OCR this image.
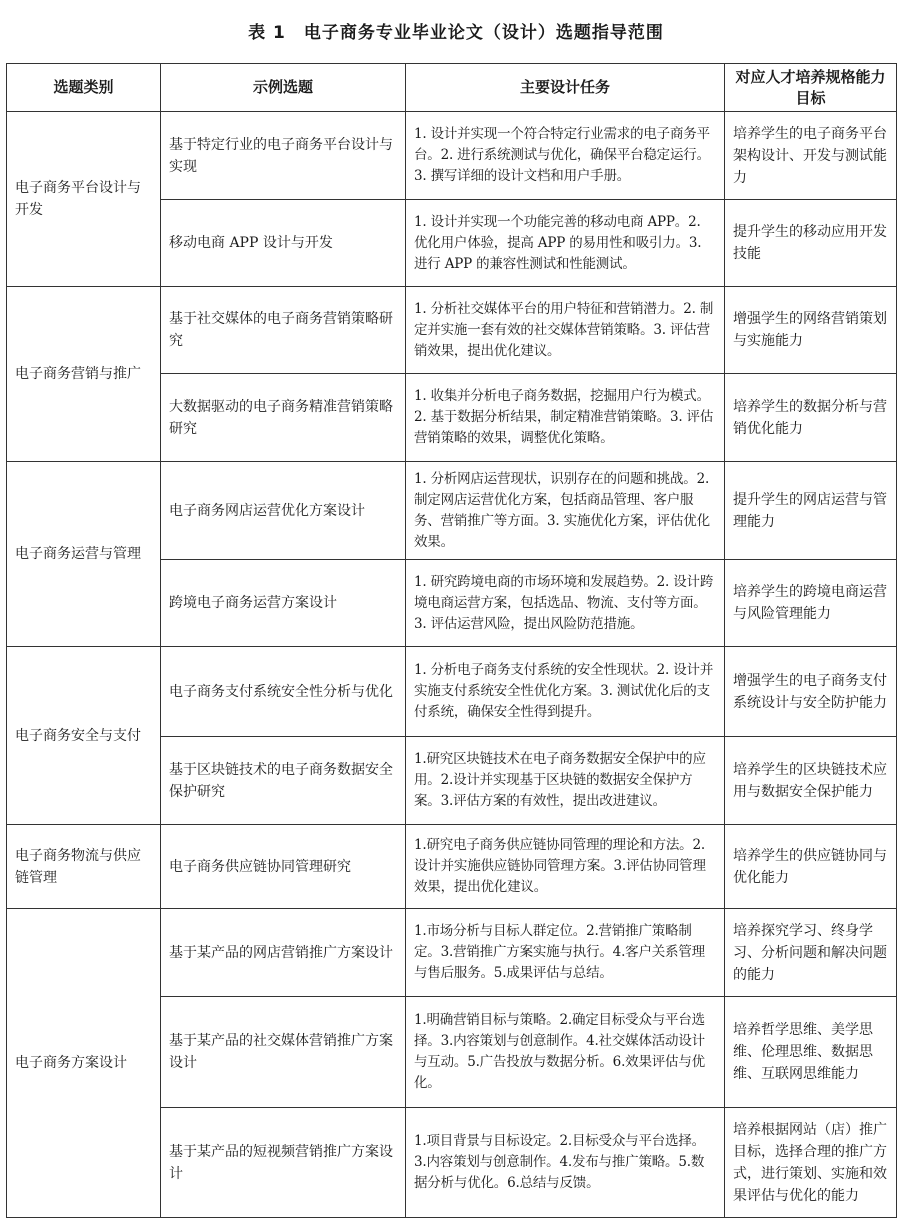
表 1　电子商务专业毕业论文（设计）选题指导范围
选题类别	示例选题	主要设计任务	对应人才培养规格能力目标
电子商务平台设计与开发	基于特定行业的电子商务平台设计与实现	1. 设计并实现一个符合特定行业需求的电子商务平台。2. 进行系统测试与优化，确保平台稳定运行。3. 撰写详细的设计文档和用户手册。	培养学生的电子商务平台架构设计、开发与测试能力
	移动电商 APP 设计与开发	1. 设计并实现一个功能完善的移动电商 APP。2. 优化用户体验，提高 APP 的易用性和吸引力。3. 进行 APP 的兼容性测试和性能测试。	提升学生的移动应用开发技能
电子商务营销与推广	基于社交媒体的电子商务营销策略研究	1. 分析社交媒体平台的用户特征和营销潜力。2. 制定并实施一套有效的社交媒体营销策略。3. 评估营销效果，提出优化建议。	增强学生的网络营销策划与实施能力
	大数据驱动的电子商务精准营销策略研究	1. 收集并分析电子商务数据，挖掘用户行为模式。2. 基于数据分析结果，制定精准营销策略。3. 评估营销策略的效果，调整优化策略。	培养学生的数据分析与营销优化能力
电子商务运营与管理	电子商务网店运营优化方案设计	1. 分析网店运营现状，识别存在的问题和挑战。2. 制定网店运营优化方案，包括商品管理、客户服务、营销推广等方面。3. 实施优化方案，评估优化效果。	提升学生的网店运营与管理能力
	跨境电子商务运营方案设计	1. 研究跨境电商的市场环境和发展趋势。2. 设计跨境电商运营方案，包括选品、物流、支付等方面。3. 评估运营风险，提出风险防范措施。	培养学生的跨境电商运营与风险管理能力
电子商务安全与支付	电子商务支付系统安全性分析与优化	1. 分析电子商务支付系统的安全性现状。2. 设计并实施支付系统安全性优化方案。3. 测试优化后的支付系统，确保安全性得到提升。	增强学生的电子商务支付系统设计与安全防护能力
	基于区块链技术的电子商务数据安全保护研究	1.研究区块链技术在电子商务数据安全保护中的应用。2.设计并实现基于区块链的数据安全保护方案。3.评估方案的有效性，提出改进建议。	培养学生的区块链技术应用与数据安全保护能力
电子商务物流与供应链管理	电子商务供应链协同管理研究	1.研究电子商务供应链协同管理的理论和方法。2.设计并实施供应链协同管理方案。3.评估协同管理效果，提出优化建议。	培养学生的供应链协同与优化能力
电子商务方案设计	基于某产品的网店营销推广方案设计	1.市场分析与目标人群定位。2.营销推广策略制定。3.营销推广方案实施与执行。4.客户关系管理与售后服务。5.成果评估与总结。	培养探究学习、终身学习、分析问题和解决问题的能力
	基于某产品的社交媒体营销推广方案设计	1.明确营销目标与策略。2.确定目标受众与平台选择。3.内容策划与创意制作。4.社交媒体活动设计与互动。5.广告投放与数据分析。6.效果评估与优化。	培养哲学思维、美学思维、伦理思维、数据思维、互联网思维能力
	基于某产品的短视频营销推广方案设计	1.项目背景与目标设定。2.目标受众与平台选择。3.内容策划与创意制作。4.发布与推广策略。5.数据分析与优化。6.总结与反馈。	培养根据网站（店）推广目标，选择合理的推广方式，进行策划、实施和效果评估与优化的能力
